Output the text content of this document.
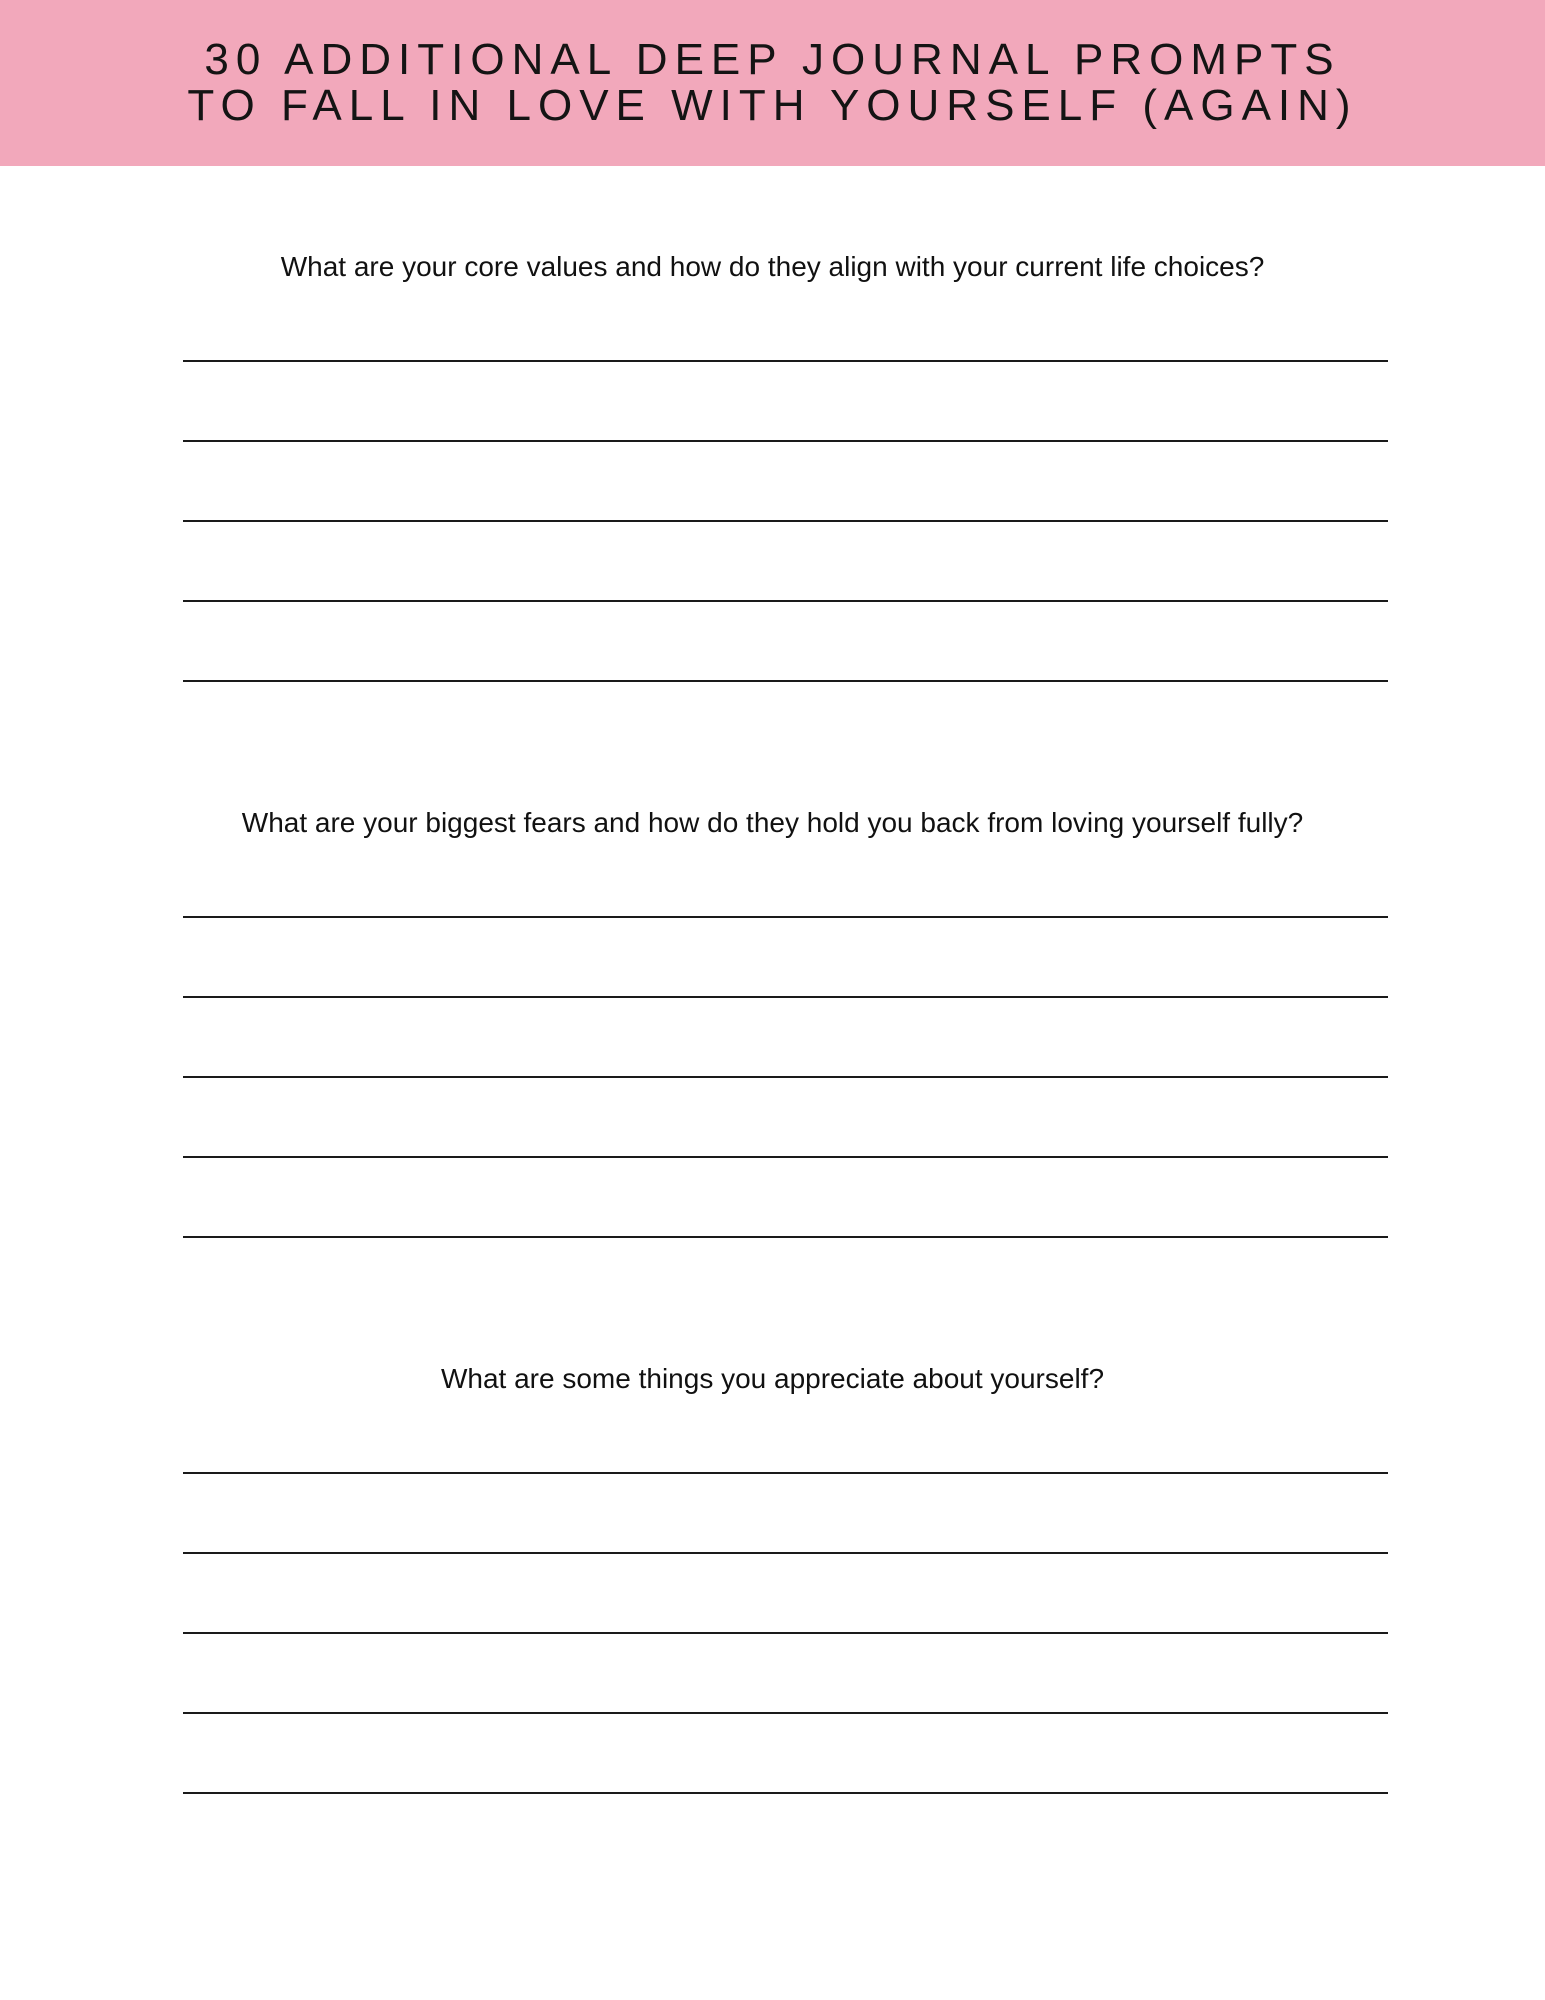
30 ADDITIONAL DEEP JOURNAL PROMPTS
TO FALL IN LOVE WITH YOURSELF (AGAIN)
What are your core values and how do they align with your current life choices?
What are your biggest fears and how do they hold you back from loving yourself fully?
What are some things you appreciate about yourself?
